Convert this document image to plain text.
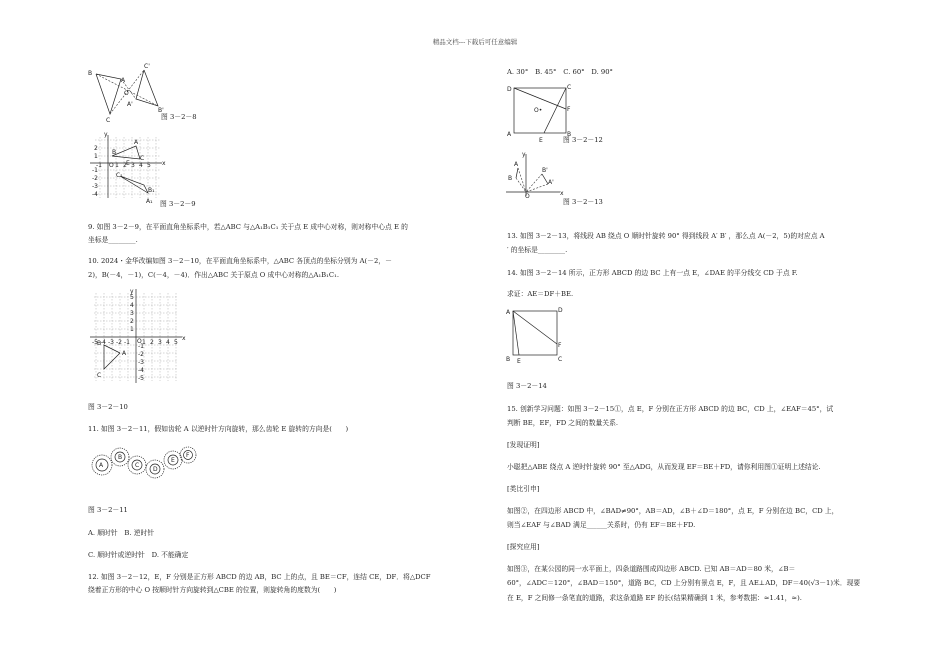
精品文档---下载后可任意编辑
B
A
C'
O
A'
C
B'
图 3－2－8
y
A
B
C
A₁
B₁
C₁
E	x
O
2
1
-1
-2
-3
-4
-1 1 2 3 4 5
图 3－2－9
9. 如图 3－2－9，在平面直角坐标系中，若△ABC 与△A₁B₁C₁ 关于点 E 成中心对称，则对称中心点 E 的
坐标是________.
10. 2024・金华改编如图 3－2－10，在平面直角坐标系中，△ABC 各顶点的坐标分别为 A(－2，－
2)，B(－4，－1)，C(－4，－4)．作出△ABC 关于原点 O 成中心对称的△A₁B₁C₁.
y
x
O
A
B
C
5
4
3
2
1
-1
-2
-3
-4
-5
-5 -4 -3 -2 -1 1 2 3 4 5
图 3－2－10
11. 如图 3－2－11，假如齿轮 A 以逆时针方向旋转，那么齿轮 E 旋转的方向是(　　)
A
B
C
D
E
F
图 3－2－11
A. 顺时针　B. 逆时针
C. 顺时针或逆时针　D. 不能确定
12. 如图 3－2－12，E，F 分别是正方形 ABCD 的边 AB，BC 上的点，且 BE＝CF，连结 CE，DF．将△DCF
绕着正方形的中心 O 按顺时针方向旋转到△CBE 的位置，则旋转角的度数为(　　)
A. 30°　B. 45°　C. 60°　D. 90°
D	C
F
O•
A
E
B
图 3－2－12
y
A
B
B'
A'
O	x
图 3－2－13
13. 如图 3－2－13，将线段 AB 绕点 O 顺时针旋转 90° 得到线段 A′ B′ ，那么点 A(－2，5)的对应点 A
′ 的坐标是________.
14. 如图 3－2－14 所示，正方形 ABCD 的边 BC 上有一点 E，∠DAE 的平分线交 CD 于点 F.
求证：AE＝DF＋BE.
A	D
F
B E	C
图 3－2－14
15. 创新学习问题：如图 3－2－15①，点 E，F 分别在正方形 ABCD 的边 BC，CD 上，∠EAF＝45°，试
判断 BE，EF，FD 之间的数量关系.
[发现证明]
小聪把△ABE 绕点 A 逆时针旋转 90° 至△ADG，从而发现 EF＝BE＋FD，请你利用图①证明上述结论.
[类比引申]
如图②，在四边形 ABCD 中，∠BAD≠90°，AB＝AD，∠B＋∠D＝180°，点 E，F 分别在边 BC，CD 上，
则当∠EAF 与∠BAD 满足______关系时，仍有 EF＝BE＋FD.
[探究应用]
如图③，在某公园的同一水平面上，四条道路围成四边形 ABCD. 已知 AB＝AD＝80 米，∠B＝
60°，∠ADC＝120°，∠BAD＝150°，道路 BC，CD 上分别有景点 E，F，且 AE⊥AD，DF＝40(√3－1)米．现要
在 E，F 之间修一条笔直的道路，求这条道路 EF 的长(结果精确到 1 米，参考数据：≈1.41，≈).
